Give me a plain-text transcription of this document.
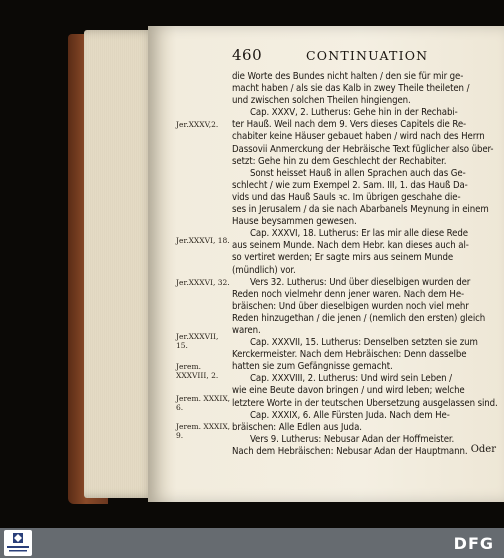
460	CONTINUATION
Jer.XXXV,2.
Jer.XXXVI, 18.
Jer.XXXVI, 32.
Jer.XXXVII, 15.
Jerem. XXXVIII, 2.
Jerem. XXXIX, 6.
Jerem. XXXIX, 9.

die Worte des Bundes nicht halten / den sie für mir ge-

macht haben / als sie das Kalb in zwey Theile theileten /

und zwischen solchen Theilen hingiengen.

Cap. XXXV, 2. Lutherus: Gehe hin in der Rechabi-

ter Hauß. Weil nach dem 9. Vers dieses Capitels die Re-

chabiter keine Häuser gebauet haben / wird nach des Herrn

Dassovii Anmerckung der Hebräische Text füglicher also über-

setzt: Gehe hin zu dem Geschlecht der Rechabiter.

Sonst heisset Hauß in allen Sprachen auch das Ge-

schlecht / wie zum Exempel 2. Sam. III, 1. das Hauß Da-

vids und das Hauß Sauls ꝛc. Im übrigen geschahe die-

ses in Jerusalem / da sie nach Abarbanels Meynung in einem

Hause beysammen gewesen.

Cap. XXXVI, 18. Lutherus: Er las mir alle diese Rede

aus seinem Munde. Nach dem Hebr. kan dieses auch al-

so vertiret werden; Er sagte mirs aus seinem Munde

(mündlich) vor.

Vers 32. Lutherus: Und über dieselbigen wurden der

Reden noch vielmehr denn jener waren. Nach dem He-

bräischen: Und über dieselbigen wurden noch viel mehr

Reden hinzugethan / die jenen / (nemlich den ersten) gleich

waren.

Cap. XXXVII, 15. Lutherus: Denselben setzten sie zum

Kerckermeister. Nach dem Hebräischen: Denn dasselbe

hatten sie zum Gefängnisse gemacht.

Cap. XXXVIII, 2. Lutherus: Und wird sein Leben /

wie eine Beute davon bringen / und wird leben; welche

letztere Worte in der teutschen Ubersetzung ausgelassen sind.

Cap. XXXIX, 6. Alle Fürsten Juda. Nach dem He-

bräischen: Alle Edlen aus Juda.

Vers 9. Lutherus: Nebusar Adan der Hoffmeister.

Nach dem Hebräischen: Nebusar Adan der Hauptmann. Oder
DFG
